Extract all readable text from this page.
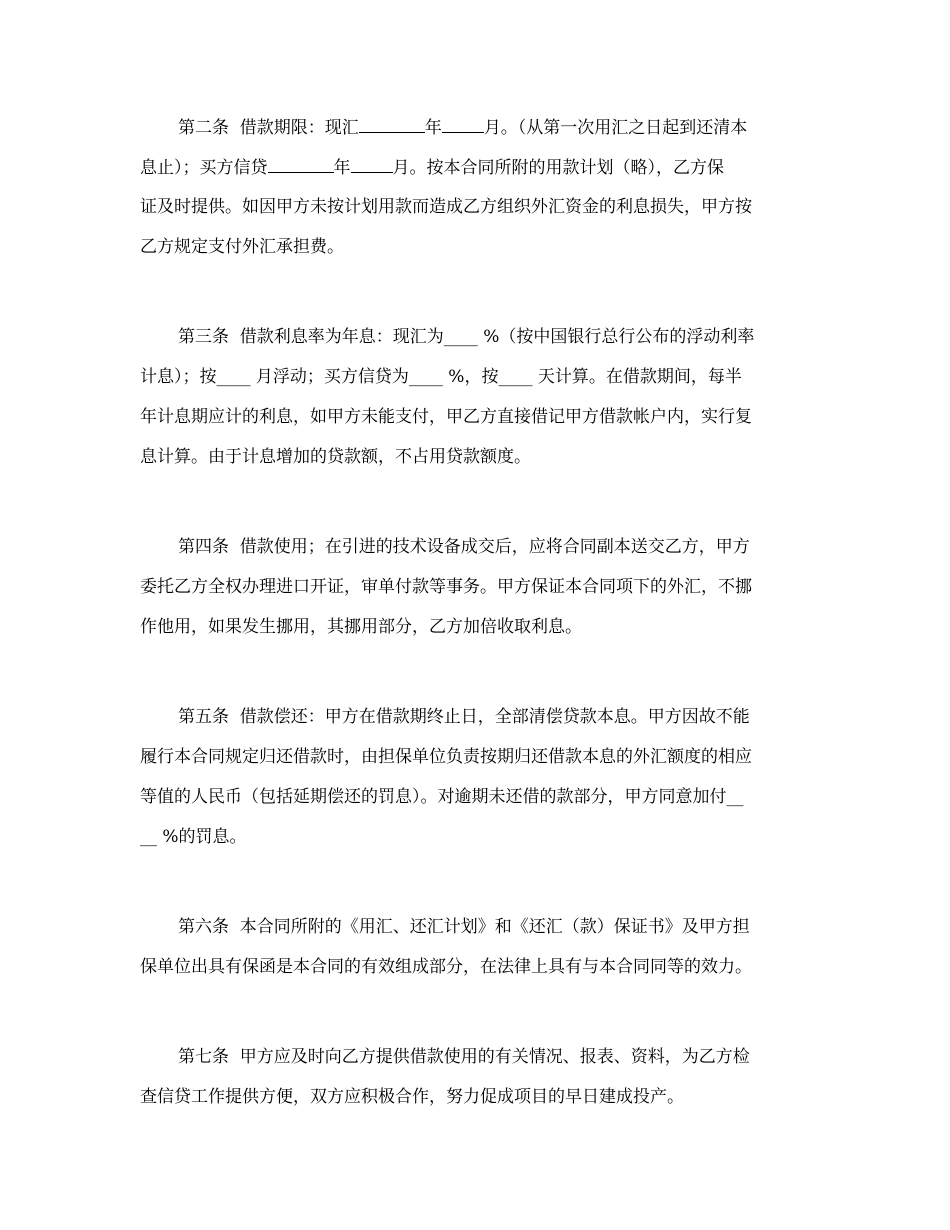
第二条  借款期限：现汇	年 月。（从第一次用汇之日起到还清本
息止）；买方信贷	年 月。按本合同所附的用款计划（略），乙方保
证及时提供。如因甲方未按计划用款而造成乙方组织外汇资金的利息损失，甲方按
乙方规定支付外汇承担费。
第三条  借款利息率为年息：现汇为____ %（按中国银行总行公布的浮动利率
计息）；按____ 月浮动；买方信贷为____ %，按____ 天计算。在借款期间，每半
年计息期应计的利息，如甲方未能支付，甲乙方直接借记甲方借款帐户内，实行复
息计算。由于计息增加的贷款额，不占用贷款额度。
第四条  借款使用；在引进的技术设备成交后，应将合同副本送交乙方，甲方
委托乙方全权办理进口开证，审单付款等事务。甲方保证本合同项下的外汇，不挪
作他用，如果发生挪用，其挪用部分，乙方加倍收取利息。
第五条  借款偿还：甲方在借款期终止日，全部清偿贷款本息。甲方因故不能
履行本合同规定归还借款时，由担保单位负责按期归还借款本息的外汇额度的相应
等值的人民币（包括延期偿还的罚息）。对逾期未还借的款部分，甲方同意加付__
__ %的罚息。
第六条  本合同所附的《用汇、还汇计划》和《还汇（款）保证书》及甲方担
保单位出具有保函是本合同的有效组成部分，在法律上具有与本合同同等的效力。
第七条  甲方应及时向乙方提供借款使用的有关情况、报表、资料，为乙方检
查信贷工作提供方便，双方应积极合作，努力促成项目的早日建成投产。
